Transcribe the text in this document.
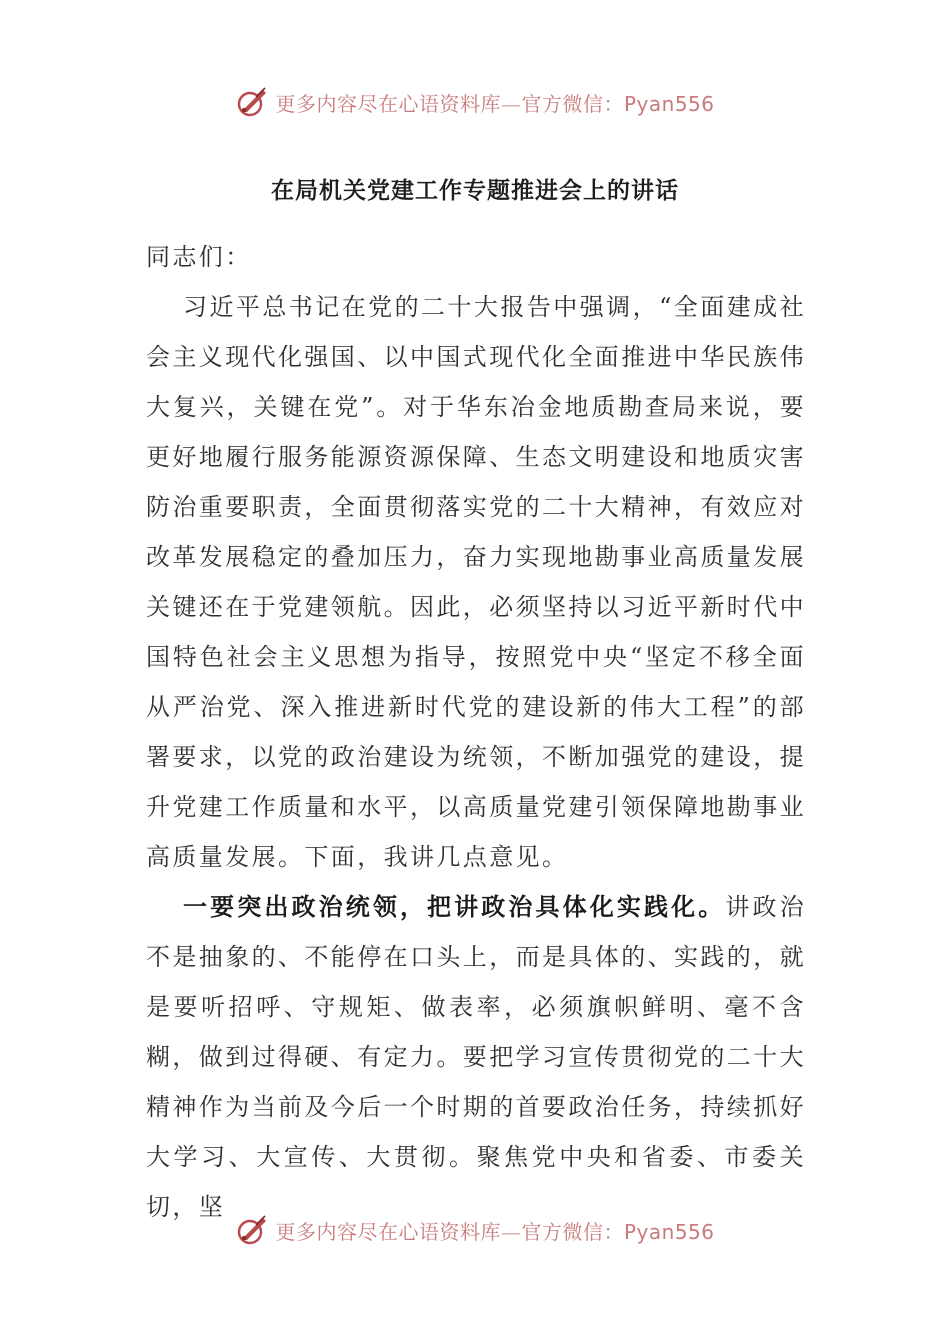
更多内容尽在心语资料库—官方微信：Pyan556
在局机关党建工作专题推进会上的讲话

同志们：

习近平总书记在党的二十大报告中强调，“全面建成社会主义现代化强国、以中国式现代化全面推进中华民族伟大复兴，关键在党”。对于华东冶金地质勘查局来说，要更好地履行服务能源资源保障、生态文明建设和地质灾害防治重要职责，全面贯彻落实党的二十大精神，有效应对改革发展稳定的叠加压力，奋力实现地勘事业高质量发展关键还在于党建领航。因此，必须坚持以习近平新时代中国特色社会主义思想为指导，按照党中央“坚定不移全面从严治党、深入推进新时代党的建设新的伟大工程”的部署要求，以党的政治建设为统领，不断加强党的建设，提升党建工作质量和水平，以高质量党建引领保障地勘事业高质量发展。下面，我讲几点意见。

一要突出政治统领，把讲政治具体化实践化。讲政治不是抽象的、不能停在口头上，而是具体的、实践的，就是要听招呼、守规矩、做表率，必须旗帜鲜明、毫不含糊，做到过得硬、有定力。要把学习宣传贯彻党的二十大精神作为当前及今后一个时期的首要政治任务，持续抓好大学习、大宣传、大贯彻。聚焦党中央和省委、市委关切，坚

更多内容尽在心语资料库—官方微信：Pyan556
